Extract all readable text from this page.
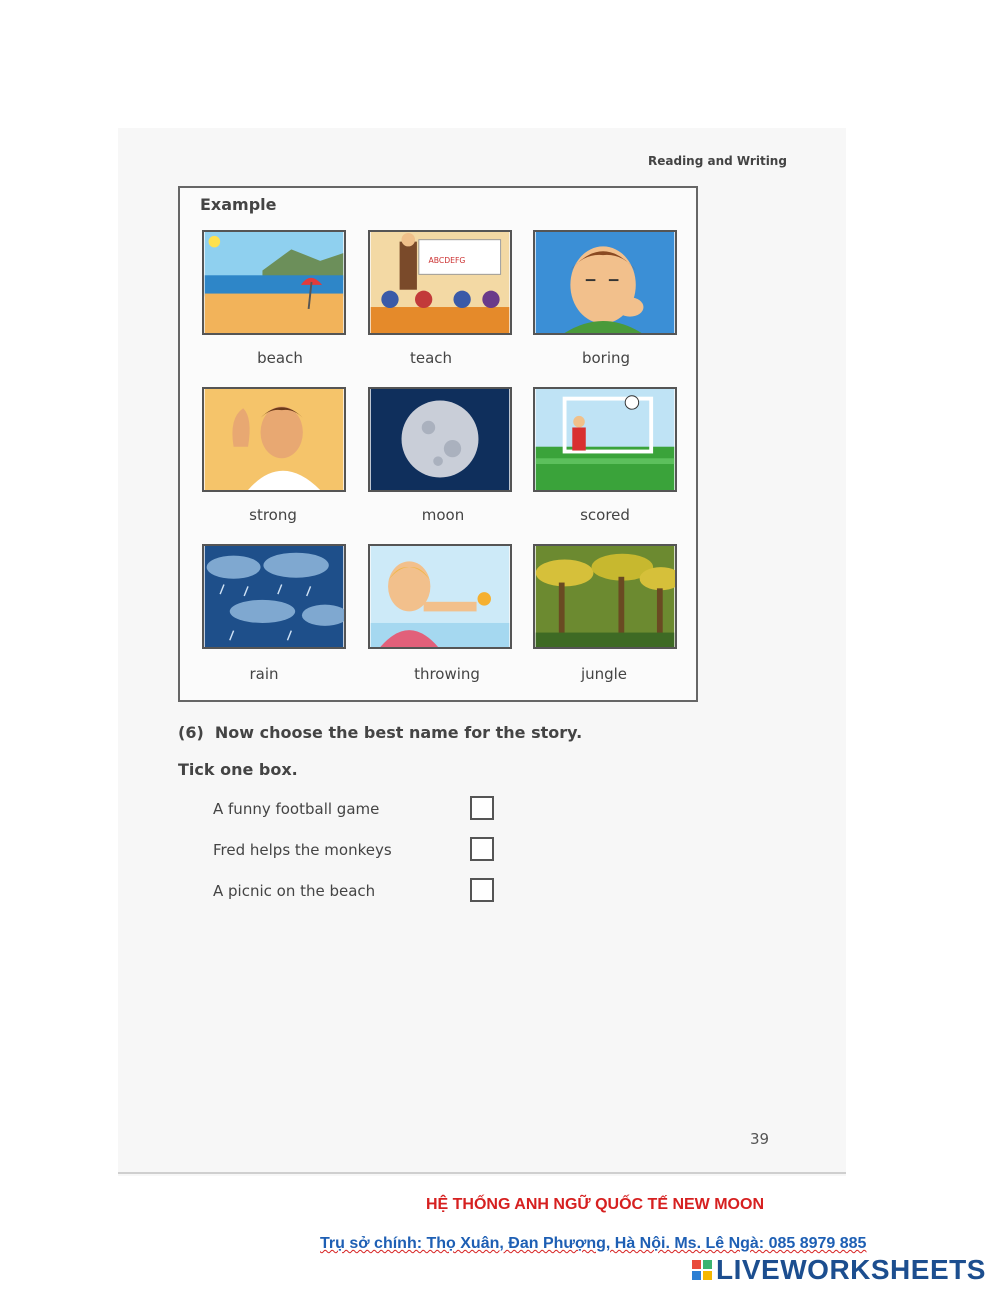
Reading and Writing
Example
ABCDEFG
beach	teach	boring
strong	moon	scored
rain	throwing	jungle
(6)  Now choose the best name for the story.
Tick one box.
A funny football game
Fred helps the monkeys
A picnic on the beach
39
HỆ THỐNG ANH NGỮ QUỐC TẾ NEW MOON
Trụ sở chính: Thọ Xuân, Đan Phượng, Hà Nội. Ms. Lê Ngà: 085 8979 885
LIVEWORKSHEETS
